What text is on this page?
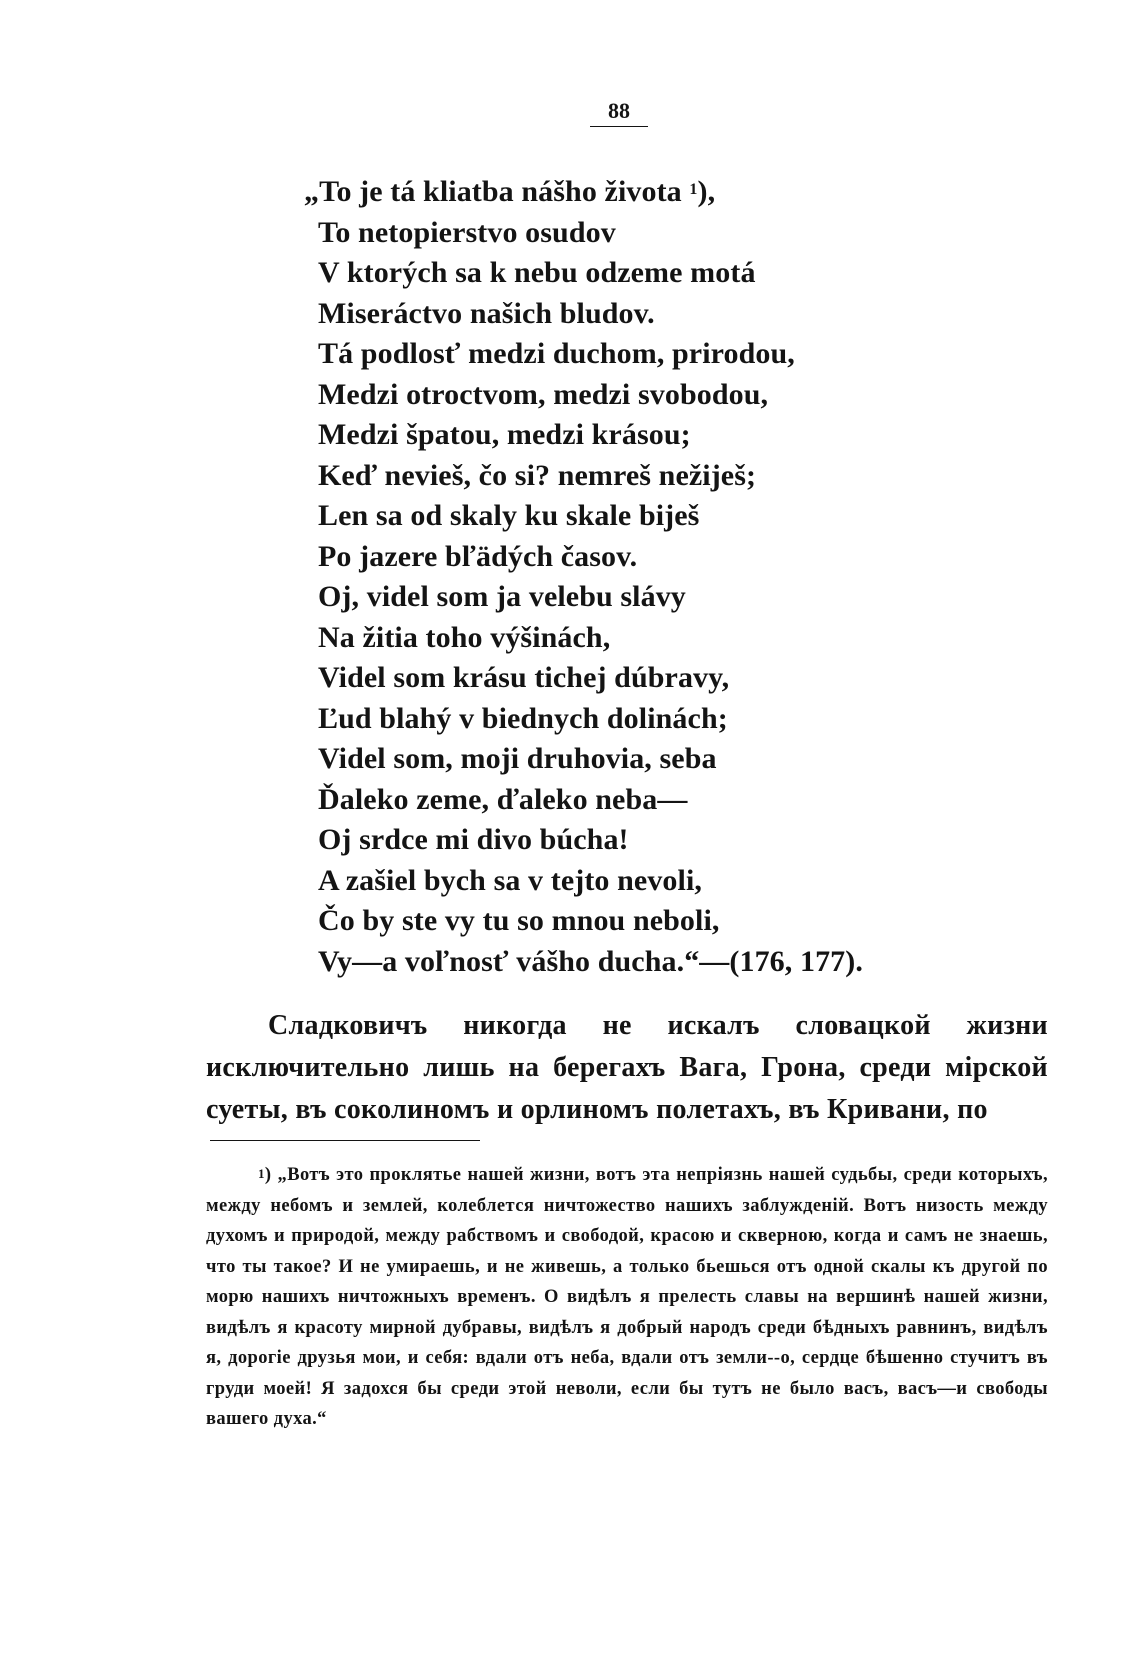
88
„To je tá kliatba nášho života $^1$),
To netopierstvo osudov
V ktorých sa k nebu odzeme motá
Miseráctvo našich bludov.
Tá podlosť medzi duchom, prirodou,
Medzi otroctvom, medzi svobodou,
Medzi špatou, medzi krásou;
Keď nevieš, čo si? nemreš nežiješ;
Len sa od skaly ku skale biješ
Po jazere bľädých časov.
Oj, videl som ja velebu slávy
Na žitia toho výšinách,
Videl som krásu tichej dúbravy,
Ľud blahý v biednych dolinách;
Videl som, moji druhovia, seba
Ďaleko zeme, ďaleko neba—
Oj srdce mi divo búcha!
A zašiel bych sa v tejto nevoli,
Čo by ste vy tu so mnou neboli,
Vy—a voľnosť vášho ducha.“—(176, 177).
Сладковичъ никогда не искалъ словацкой жизни исключительно лишь на берегахъ Вага, Грона, среди мiрской суеты, въ соколиномъ и орлиномъ полетахъ, въ Кривани, по
$^1$) „Вотъ это проклятье нашей жизни, вотъ эта непрiязнь нашей судьбы, среди которыхъ, между небомъ и землей, колеблется ничтожество нашихъ заблужденiй. Вотъ низость между духомъ и природой, между рабствомъ и свободой, красою и скверною, когда и самъ не знаешь, что ты такое? И не умираешь, и не живешь, а только бьешься отъ одной скалы къ другой по морю нашихъ ничтожныхъ временъ. О видѣлъ я прелесть славы на вершинѣ нашей жизни, видѣлъ я красоту мирной дубравы, видѣлъ я добрый народъ среди бѣдныхъ равнинъ, видѣлъ я, дорогiе друзья мои, и себя: вдали отъ неба, вдали отъ земли--о, сердце бѣшенно стучитъ въ груди моей! Я задохся бы среди этой неволи, если бы тутъ не было васъ, васъ—и свободы вашего духа.“
